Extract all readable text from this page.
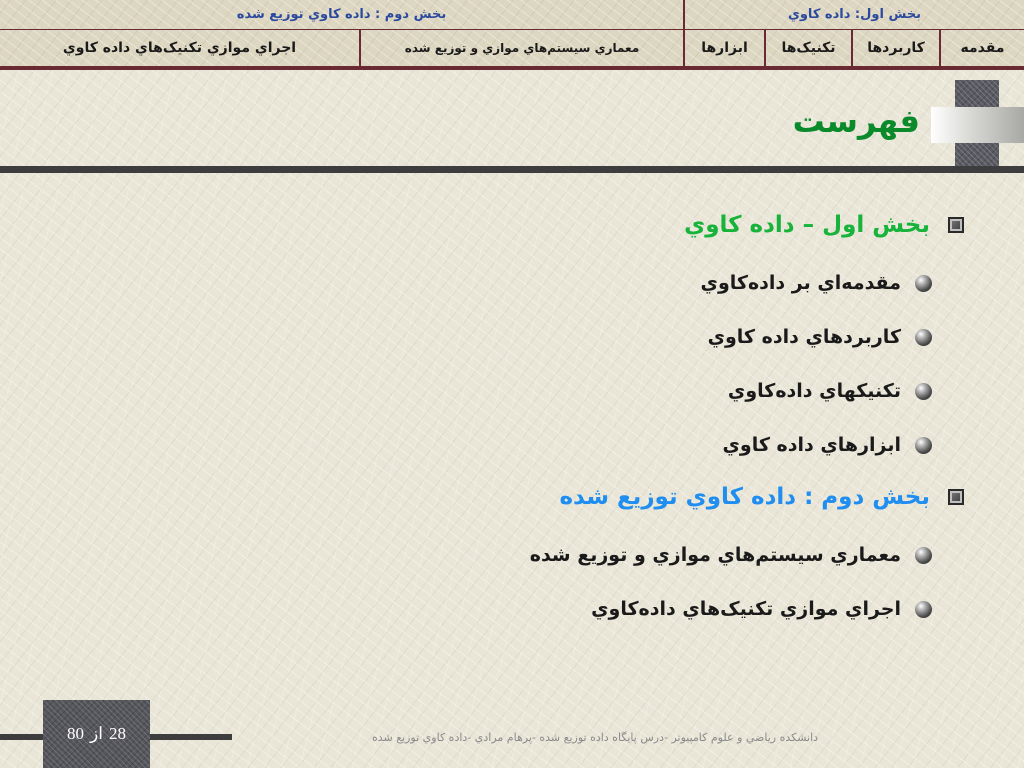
بخش اول: داده كاوي
بخش دوم : داده كاوي توزيع شده
مقدمه
كاربردها
تكنيک‌ها
ابزارها
معماري سيستم‌هاي موازي و توزيع شده
اجراي موازي تكنيک‌هاي داده كاوي
فهرست
بخش اول – داده كاوي
مقدمه‌اي بر داده‌كاوي
كاربردهاي داده كاوي
تكنيكهاي داده‌كاوي
ابزارهاي داده كاوي
بخش دوم : داده كاوي توزيع شده
معماري سيستم‌هاي موازي و توزيع شده
اجراي موازي تكنيک‌هاي داده‌كاوي
28
از
80	دانشكده رياضي و علوم كامپيوتر -درس پايگاه داده توزيع شده -پرهام مرادي -داده كاوي توزيع شده
